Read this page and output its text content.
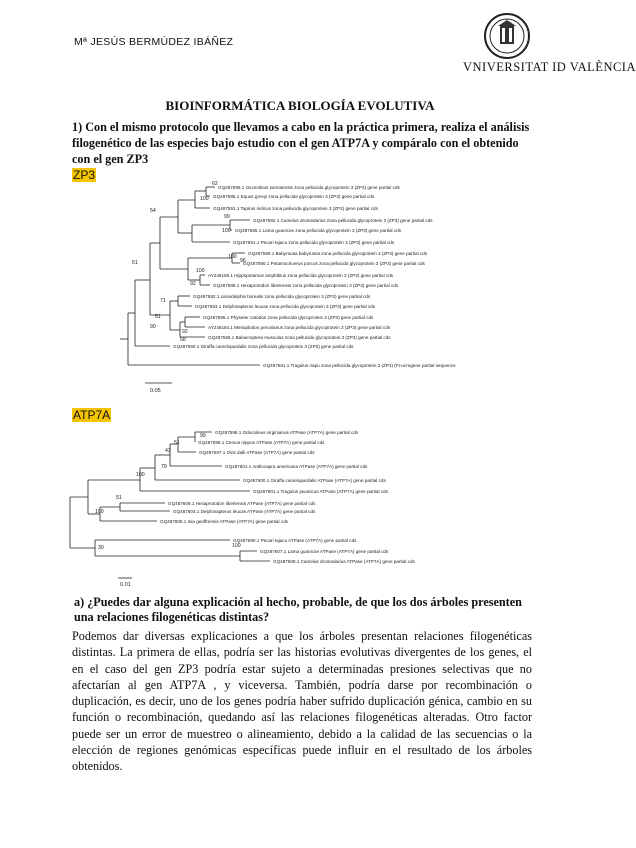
Mª JESÚS BERMÚDEZ IBÁÑEZ
VNIVERSITAT ID VALÈNCIA
BIOINFORMÁTICA BIOLOGÍA EVOLUTIVA
1) Con el mismo protocolo que llevamos a cabo en la práctica primera, realiza el análisis filogenético de las especies bajo estudio con el gen ATP7A y compáralo con el obtenido con el gen ZP3
ZP3
ATP7A
GQ487595.1 Oxceolinus sumatensis zona pellucida glycoprotein 3 (ZP3) gene partial cds
GQ487585.1 Equus grevyi zona pellucida glycoprotein 3 (ZP3) gene partial cds
GQ487591.1 Tapirus indicus zona pellucida glycoprotein 3 (ZP3) gene partial cds
GQ487582.1 Camelus dromedarius zona pellucida glycoprotein 3 (ZP3) gene partial cds
GQ487586.1 Lama guanicoe zona pellucida glycoprotein 3 (ZP3) gene partial cds
GQ487591.1 Pecari tajacu zona pellucida glycoprotein 3 (ZP3) gene partial cds
GQ487589.1 Babyrousa babyrussa zona pellucida glycoprotein 3 (ZP3) gene partial cds
GQ487590.1 Potamochoerus porcus zona pellucida glycoprotein 3 (ZP3) gene partial cds
AY246159.1 Hippopotamus amphibius zona pellucida glycoprotein 3 (ZP3) gene partial cds
GQ487588.1 Hexaprotodon liberiensis zona pellucida glycoprotein 3 (ZP3) gene partial cds
GQ487582.1 Lissodelphis borealis zona pellucida glycoprotein 3 (ZP3) gene partial cds
GQ487583.1 Delphinapterus leucas zona pellucida glycoprotein 3 (ZP3) gene partial cds
GQ487585.1 Physeter catodon zona pellucida glycoprotein 3 (ZP3) gene partial cds
AY246184.1 Mesoplodon peruvianus zona pellucida glycoprotein 3 (ZP3) gene partial cds
GQ487586.1 Balaenoptera musculus zona pellucida glycoprotein 3 (ZP3) gene partial cds
GQ487590.1 Giraffa camelopardalis zona pellucida glycoprotein 3 (ZP3) gene partial cds
GQ487581.1 Tragulus napu zona pellucida glycoprotein 3 (ZP3) (Ft-ucrogene partial sequence
62
100
54
99
100
100
96
51
100
92
71
51
90
92
58
0.05
GQ487596.1 Odocoileus virginianus ATPase (ATP7A) gene partial cds
GQ487599.1 Cervus nippon ATPase (ATP7A) gene partial cds
GQ487597.1 Ovis dalli ATPase (ATP7A) gene partial cds
GQ487601.1 Antilocapra americana ATPase (ATP7A) gene partial cds
GQ487600.1 Giraffa camelopardalis ATPase (ATP7A) gene partial cds
GQ487601.1 Tragulus javanicus ATPase (ATP7A) gene partial cds
GQ487609.1 Hexaprotodon liberiensis ATPase (ATP7A) gene partial cds
GQ487604.1 Delphinapterus leucas ATPase (ATP7A) gene partial cds
GQ487605.1 Inia geoffrensis ATPase (ATP7A) gene partial cds
GQ487590.1 Pecari tajacu ATPase (ATP7A) gene partial cds
GQ487607.1 Lama guanicoe ATPase (ATP7A) gene partial cds
GQ487608.1 Camelus dromedarius ATPase (ATP7A) gene partial cds
99
51
43
79
100
51
100
30	100
0.01
a) ¿Puedes dar alguna explicación al hecho, probable, de que los dos árboles presenten una relaciones filogenéticas distintas?
Podemos dar diversas explicaciones a que los árboles presentan relaciones filogenéticas distintas. La primera de ellas, podría ser las historias evolutivas divergentes de los genes, el en el caso del gen ZP3 podría estar sujeto a determinadas presiones selectivas que no afectarían al gen ATP7A , y viceversa. También, podría darse por recombinación o duplicación, es decir, uno de los genes podría haber sufrido duplicación génica, cambio en su función o recombinación, quedando así las relaciones filogenéticas alteradas. Otro factor puede ser un error de muestreo o alineamiento, debido a la calidad de las secuencias o la elección de regiones genómicas específicas puede influir en el resultado de los árboles obtenidos.
